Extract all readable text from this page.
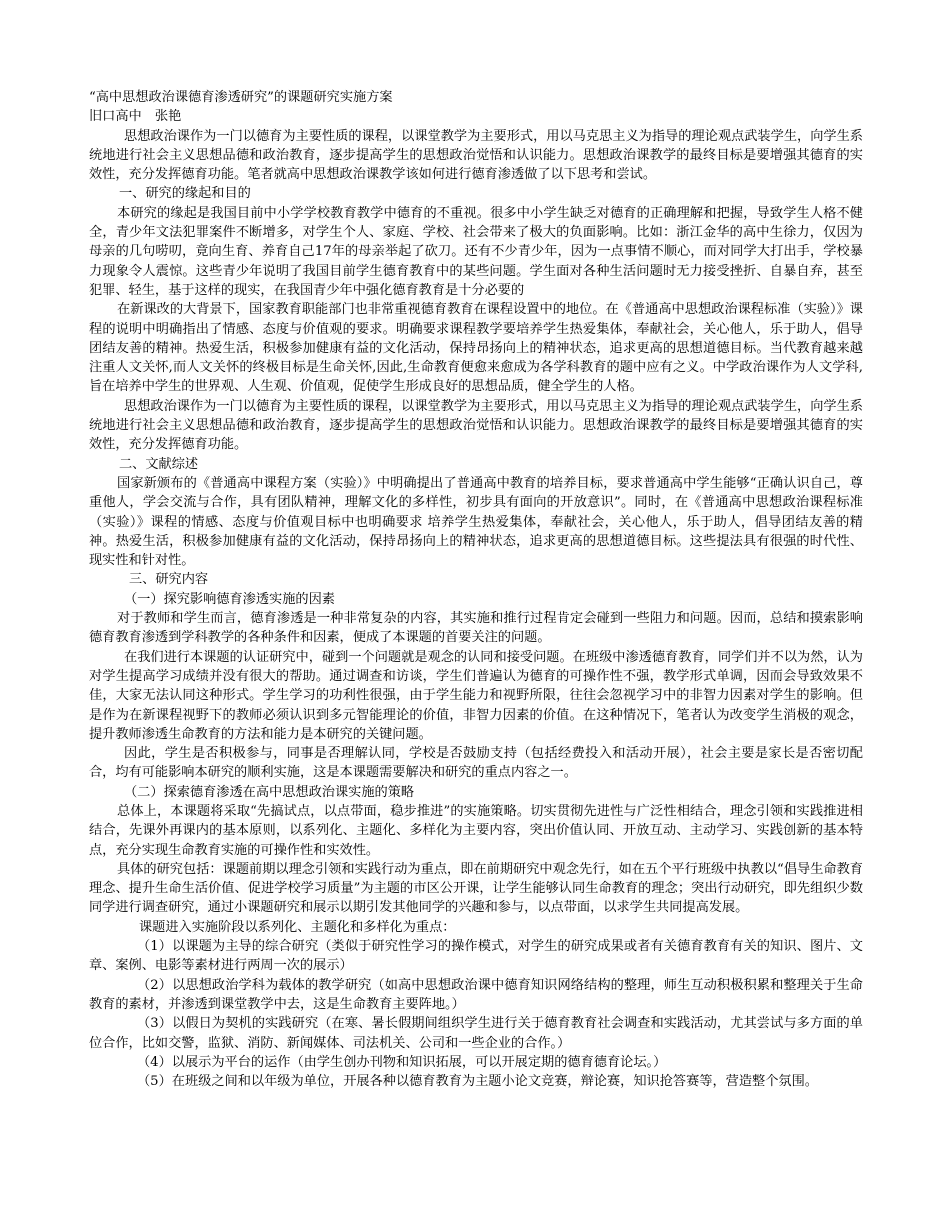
“高中思想政治课德育渗透研究”的课题研究实施方案

旧口高中　张艳

思想政治课作为一门以德育为主要性质的课程，以课堂教学为主要形式，用以马克思主义为指导的理论观点武装学生，向学生系统地进行社会主义思想品德和政治教育，逐步提高学生的思想政治觉悟和认识能力。思想政治课教学的最终目标是要增强其德育的实效性，充分发挥德育功能。笔者就高中思想政治课教学该如何进行德育渗透做了以下思考和尝试。

一、研究的缘起和目的

本研究的缘起是我国目前中小学学校教育教学中德育的不重视。很多中小学生缺乏对德育的正确理解和把握，导致学生人格不健全，青少年文法犯罪案件不断增多，对学生个人、家庭、学校、社会带来了极大的负面影响。比如：浙江金华的高中生徐力，仅因为母亲的几句唠叨，竟向生育、养育自己17年的母亲举起了砍刀。还有不少青少年，因为一点事情不顺心，而对同学大打出手，学校暴力现象令人震惊。这些青少年说明了我国目前学生德育教育中的某些问题。学生面对各种生活问题时无力接受挫折、自暴自弃，甚至犯罪、轻生，基于这样的现实，在我国青少年中强化德育教育是十分必要的

在新课改的大背景下，国家教育职能部门也非常重视德育教育在课程设置中的地位。在《普通高中思想政治课程标准（实验）》课程的说明中明确指出了情感、态度与价值观的要求。明确要求课程教学要培养学生热爱集体，奉献社会，关心他人，乐于助人，倡导团结友善的精神。热爱生活，积极参加健康有益的文化活动，保持昂扬向上的精神状态，追求更高的思想道德目标。当代教育越来越注重人文关怀,而人文关怀的终极目标是生命关怀,因此,生命教育便愈来愈成为各学科教育的题中应有之义。中学政治课作为人文学科,旨在培养中学生的世界观、人生观、价值观，促使学生形成良好的思想品质，健全学生的人格。

思想政治课作为一门以德育为主要性质的课程，以课堂教学为主要形式，用以马克思主义为指导的理论观点武装学生，向学生系统地进行社会主义思想品德和政治教育，逐步提高学生的思想政治觉悟和认识能力。思想政治课教学的最终目标是要增强其德育的实效性，充分发挥德育功能。

二、文献综述

国家新颁布的《普通高中课程方案（实验）》中明确提出了普通高中教育的培养目标，要求普通高中学生能够“正确认识自己，尊重他人，学会交流与合作，具有团队精神，理解文化的多样性，初步具有面向的开放意识”。同时，在《普通高中思想政治课程标准（实验）》课程的情感、态度与价值观目标中也明确要求 培养学生热爱集体，奉献社会，关心他人，乐于助人，倡导团结友善的精神。热爱生活，积极参加健康有益的文化活动，保持昂扬向上的精神状态，追求更高的思想道德目标。这些提法具有很强的时代性、现实性和针对性。

三、研究内容

（一）探究影响德育渗透实施的因素

对于教师和学生而言，德育渗透是一种非常复杂的内容，其实施和推行过程肯定会碰到一些阻力和问题。因而，总结和摸索影响德育教育渗透到学科教学的各种条件和因素，便成了本课题的首要关注的问题。

在我们进行本课题的认证研究中，碰到一个问题就是观念的认同和接受问题。在班级中渗透德育教育，同学们并不以为然，认为对学生提高学习成绩并没有很大的帮助。通过调查和访谈，学生们普遍认为德育的可操作性不强，教学形式单调，因而会导致效果不佳，大家无法认同这种形式。学生学习的功利性很强，由于学生能力和视野所限，往往会忽视学习中的非智力因素对学生的影响。但是作为在新课程视野下的教师必须认识到多元智能理论的价值，非智力因素的价值。在这种情况下，笔者认为改变学生消极的观念，提升教师渗透生命教育的方法和能力是本研究的关键问题。

因此，学生是否积极参与，同事是否理解认同，学校是否鼓励支持（包括经费投入和活动开展），社会主要是家长是否密切配合，均有可能影响本研究的顺利实施，这是本课题需要解决和研究的重点内容之一。

（二）探索德育渗透在高中思想政治课实施的策略

总体上，本课题将采取“先搞试点，以点带面，稳步推进”的实施策略。切实贯彻先进性与广泛性相结合，理念引领和实践推进相结合，先课外再课内的基本原则，以系列化、主题化、多样化为主要内容，突出价值认同、开放互动、主动学习、实践创新的基本特点，充分实现生命教育实施的可操作性和实效性。

具体的研究包括：课题前期以理念引领和实践行动为重点，即在前期研究中观念先行，如在五个平行班级中执教以“倡导生命教育理念、提升生命生活价值、促进学校学习质量”为主题的市区公开课，让学生能够认同生命教育的理念；突出行动研究，即先组织少数同学进行调查研究，通过小课题研究和展示以期引发其他同学的兴趣和参与，以点带面，以求学生共同提高发展。

课题进入实施阶段以系列化、主题化和多样化为重点：

（1）以课题为主导的综合研究（类似于研究性学习的操作模式，对学生的研究成果或者有关德育教育有关的知识、图片、文章、案例、电影等素材进行两周一次的展示）

（2）以思想政治学科为载体的教学研究（如高中思想政治课中德育知识网络结构的整理，师生互动积极积累和整理关于生命教育的素材，并渗透到课堂教学中去，这是生命教育主要阵地。）

（3）以假日为契机的实践研究（在寒、暑长假期间组织学生进行关于德育教育社会调查和实践活动，尤其尝试与多方面的单位合作，比如交警，监狱、消防、新闻媒体、司法机关、公司和一些企业的合作。）

（4）以展示为平台的运作（由学生创办刊物和知识拓展，可以开展定期的德育德育论坛。）

（5）在班级之间和以年级为单位，开展各种以德育教育为主题小论文竞赛，辩论赛，知识抢答赛等，营造整个氛围。
